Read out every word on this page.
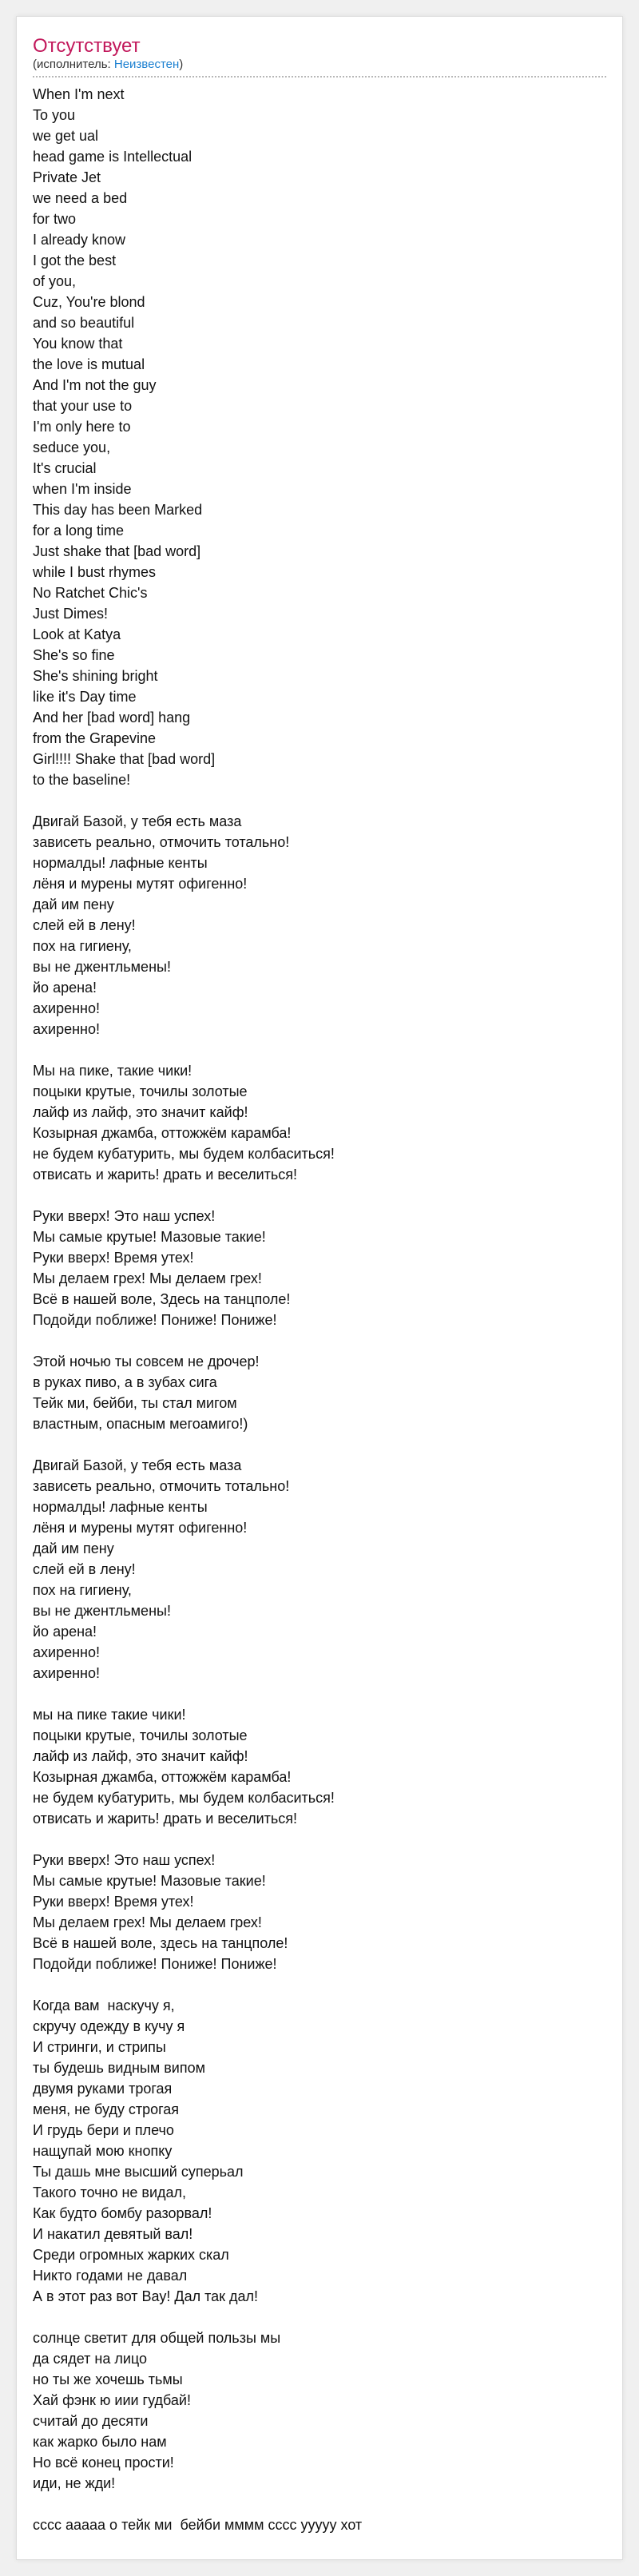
Отсутствует
(исполнитель: Неизвестен)
When I'm next
To you
we get ual
head game is Intellectual
Private Jet
we need a bed
for two
I already know
I got the best
of you,
Cuz, You're blond
and so beautiful
You know that
the love is mutual
And I'm not the guy
that your use to
I'm only here to
seduce you,
It's crucial
when I'm inside
This day has been Marked
for a long time
Just shake that [bad word]
while I bust rhymes
No Ratchet Chic's
Just Dimes!
Look at Katya
She's so fine
She's shining bright
like it's Day time
And her [bad word] hang
from the Grapevine
Girl!!!! Shake that [bad word]
to the baseline!
Двигай Базой, у тебя есть маза
зависеть реально, отмочить тотально!
нормалды! лафные кенты
лёня и мурены мутят офигенно!
дай им пену
слей ей в лену!
пох на гигиену,
вы не джентльмены!
йо арена!
ахиренно!
ахиренно!
Мы на пике, такие чики!
поцыки крутые, точилы золотые
лайф из лайф, это значит кайф!
Козырная джамба, оттожжём карамба!
не будем кубатурить, мы будем колбаситься!
отвисать и жарить! драть и веселиться!
Руки вверх! Это наш успех!
Мы самые крутые! Мазовые такие!
Руки вверх! Время утех!
Мы делаем грех! Мы делаем грех!
Всё в нашей воле, Здесь на танцполе!
Подойди поближе! Пониже! Пониже!
Этой ночью ты совсем не дрочер!
в руках пиво, а в зубах сига
Тейк ми, бейби, ты стал мигом
властным, опасным мегоамиго!)
Двигай Базой, у тебя есть маза
зависеть реально, отмочить тотально!
нормалды! лафные кенты
лёня и мурены мутят офигенно!
дай им пену
слей ей в лену!
пох на гигиену,
вы не джентльмены!
йо арена!
ахиренно!
ахиренно!
мы на пике такие чики!
поцыки крутые, точилы золотые
лайф из лайф, это значит кайф!
Козырная джамба, оттожжём карамба!
не будем кубатурить, мы будем колбаситься!
отвисать и жарить! драть и веселиться!
Руки вверх! Это наш успех!
Мы самые крутые! Мазовые такие!
Руки вверх! Время утех!
Мы делаем грех! Мы делаем грех!
Всё в нашей воле, здесь на танцполе!
Подойди поближе! Пониже! Пониже!
Когда вам  наскучу я,
скручу одежду в кучу я
И стринги, и стрипы
ты будешь видным випом
двумя руками трогая
меня, не буду строгая
И грудь бери и плечо
нащупай мою кнопку
Ты дашь мне высший суперьал
Такого точно не видал,
Как будто бомбу разорвал!
И накатил девятый вал!
Среди огромных жарких скал
Никто годами не давал
А в этот раз вот Вау! Дал так дал!
солнце светит для общей пользы мы
да сядет на лицо
но ты же хочешь тьмы
Хай фэнк ю иии гудбай!
считай до десяти
как жарко было нам
Но всё конец прости!
иди, не жди!
сссс ааааа о тейк ми  бейби мммм сссс ууууу хот
